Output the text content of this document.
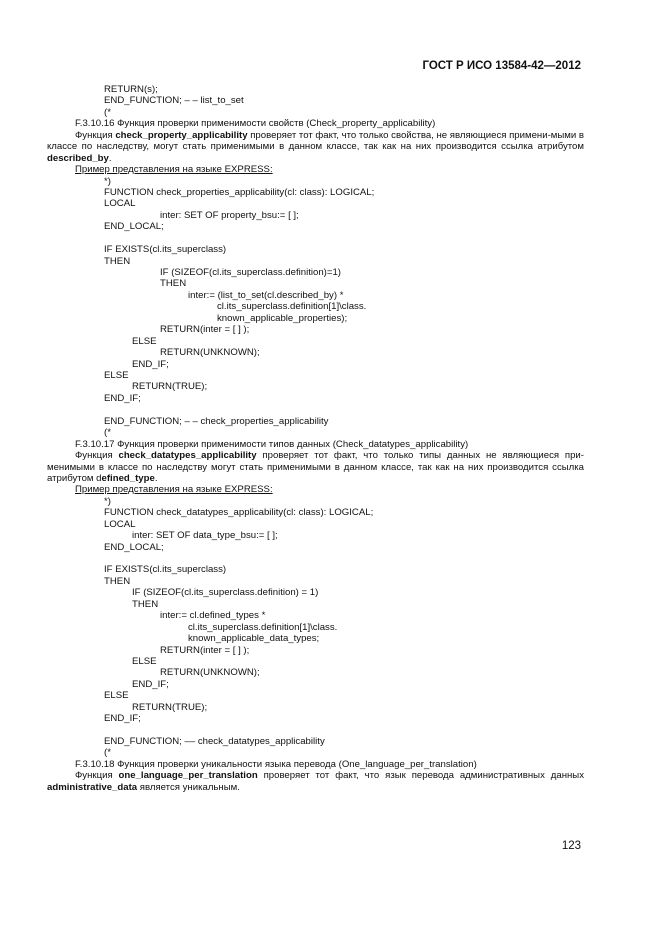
ГОСТ Р ИСО 13584-42—2012
RETURN(s);
END_FUNCTION; – – list_to_set
(*
F.3.10.16 Функция проверки применимости свойств (Check_property_applicability)
Функция check_property_applicability проверяет тот факт, что только свойства, не являющиеся примени-мыми в классе по наследству, могут стать применимыми в данном классе, так как на них производится ссылка атрибутом described_by.
Пример представления на языке EXPRESS:
*)
FUNCTION check_properties_applicability(cl: class): LOGICAL;
LOCAL
inter: SET OF property_bsu:= [ ];
END_LOCAL;
IF EXISTS(cl.its_superclass)
THEN
IF (SIZEOF(cl.its_superclass.definition)=1)
THEN
inter:= (list_to_set(cl.described_by) *
cl.its_superclass.definition[1]\class.
known_applicable_properties);
RETURN(inter = [ ] );
ELSE
RETURN(UNKNOWN);
END_IF;
ELSE
RETURN(TRUE);
END_IF;
END_FUNCTION; – – check_properties_applicability
(*
F.3.10.17 Функция проверки применимости типов данных (Check_datatypes_applicability)
Функция check_datatypes_applicability проверяет тот факт, что только типы данных не являющиеся при-менимыми в классе по наследству могут стать применимыми в данном классе, так как на них производится ссылка атрибутом defined_type.
Пример представления на языке EXPRESS:
*)
FUNCTION check_datatypes_applicability(cl: class): LOGICAL;
LOCAL
inter: SET OF data_type_bsu:= [ ];
END_LOCAL;
IF EXISTS(cl.its_superclass)
THEN
IF (SIZEOF(cl.its_superclass.definition) = 1)
THEN
inter:= cl.defined_types *
cl.its_superclass.definition[1]\class.
known_applicable_data_types;
RETURN(inter = [ ] );
ELSE
RETURN(UNKNOWN);
END_IF;
ELSE
RETURN(TRUE);
END_IF;
END_FUNCTION; –– check_datatypes_applicability
(*
F.3.10.18 Функция проверки уникальности языка перевода (One_language_per_translation)
Функция one_language_per_translation проверяет тот факт, что язык перевода административных данных administrative_data является уникальным.
123
